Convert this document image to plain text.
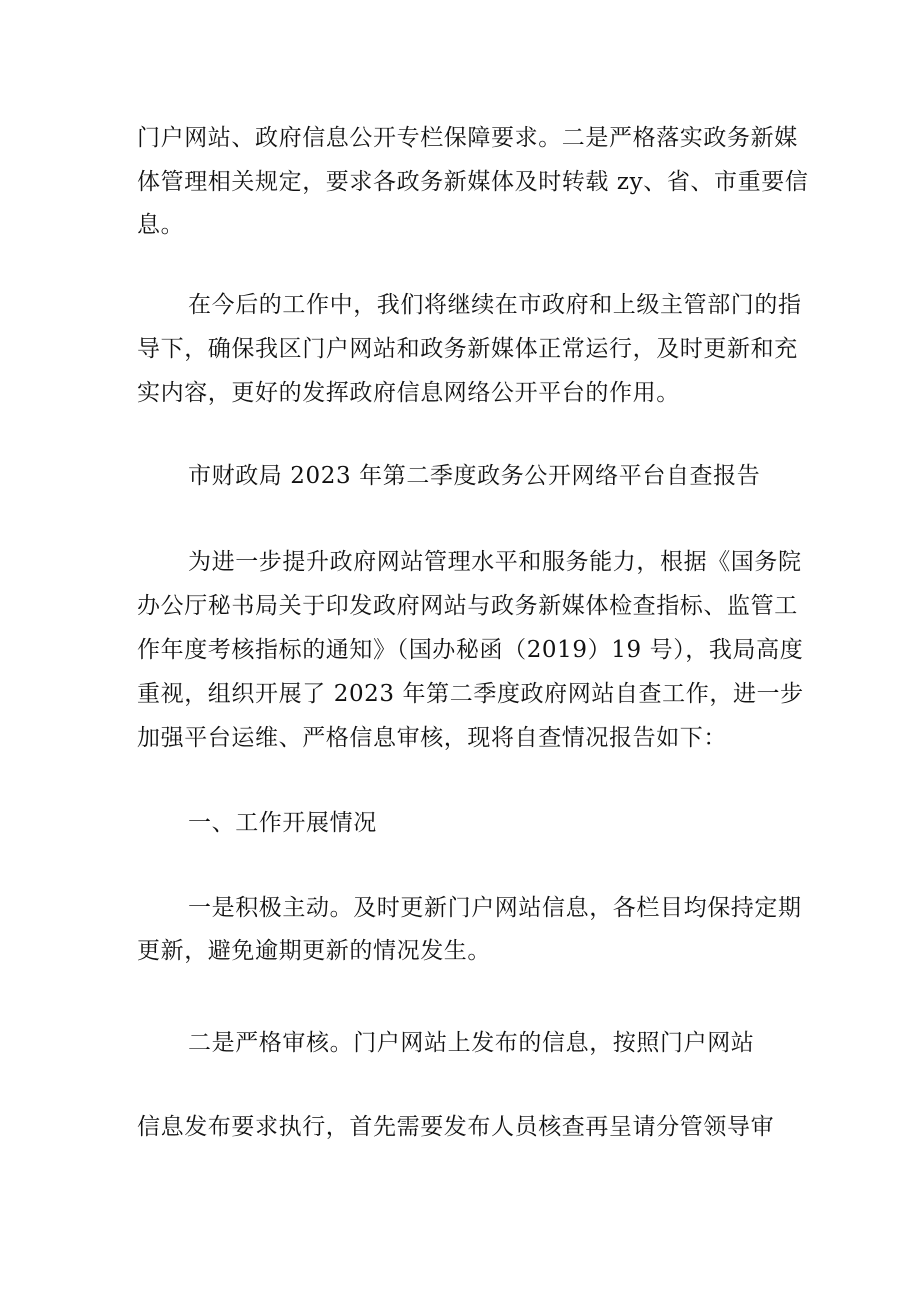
门户网站、政府信息公开专栏保障要求。二是严格落实政务新媒
体管理相关规定，要求各政务新媒体及时转载 zy、省、市重要信
息。
在今后的工作中，我们将继续在市政府和上级主管部门的指
导下，确保我区门户网站和政务新媒体正常运行，及时更新和充
实内容，更好的发挥政府信息网络公开平台的作用。
市财政局 2023 年第二季度政务公开网络平台自查报告
为进一步提升政府网站管理水平和服务能力，根据《国务院
办公厅秘书局关于印发政府网站与政务新媒体检查指标、监管工
作年度考核指标的通知》（国办秘函（2019）19 号），我局高度
重视，组织开展了 2023 年第二季度政府网站自查工作，进一步
加强平台运维、严格信息审核，现将自查情况报告如下：
一、工作开展情况
一是积极主动。及时更新门户网站信息，各栏目均保持定期
更新，避免逾期更新的情况发生。
二是严格审核。门户网站上发布的信息，按照门户网站
信息发布要求执行，首先需要发布人员核查再呈请分管领导审
